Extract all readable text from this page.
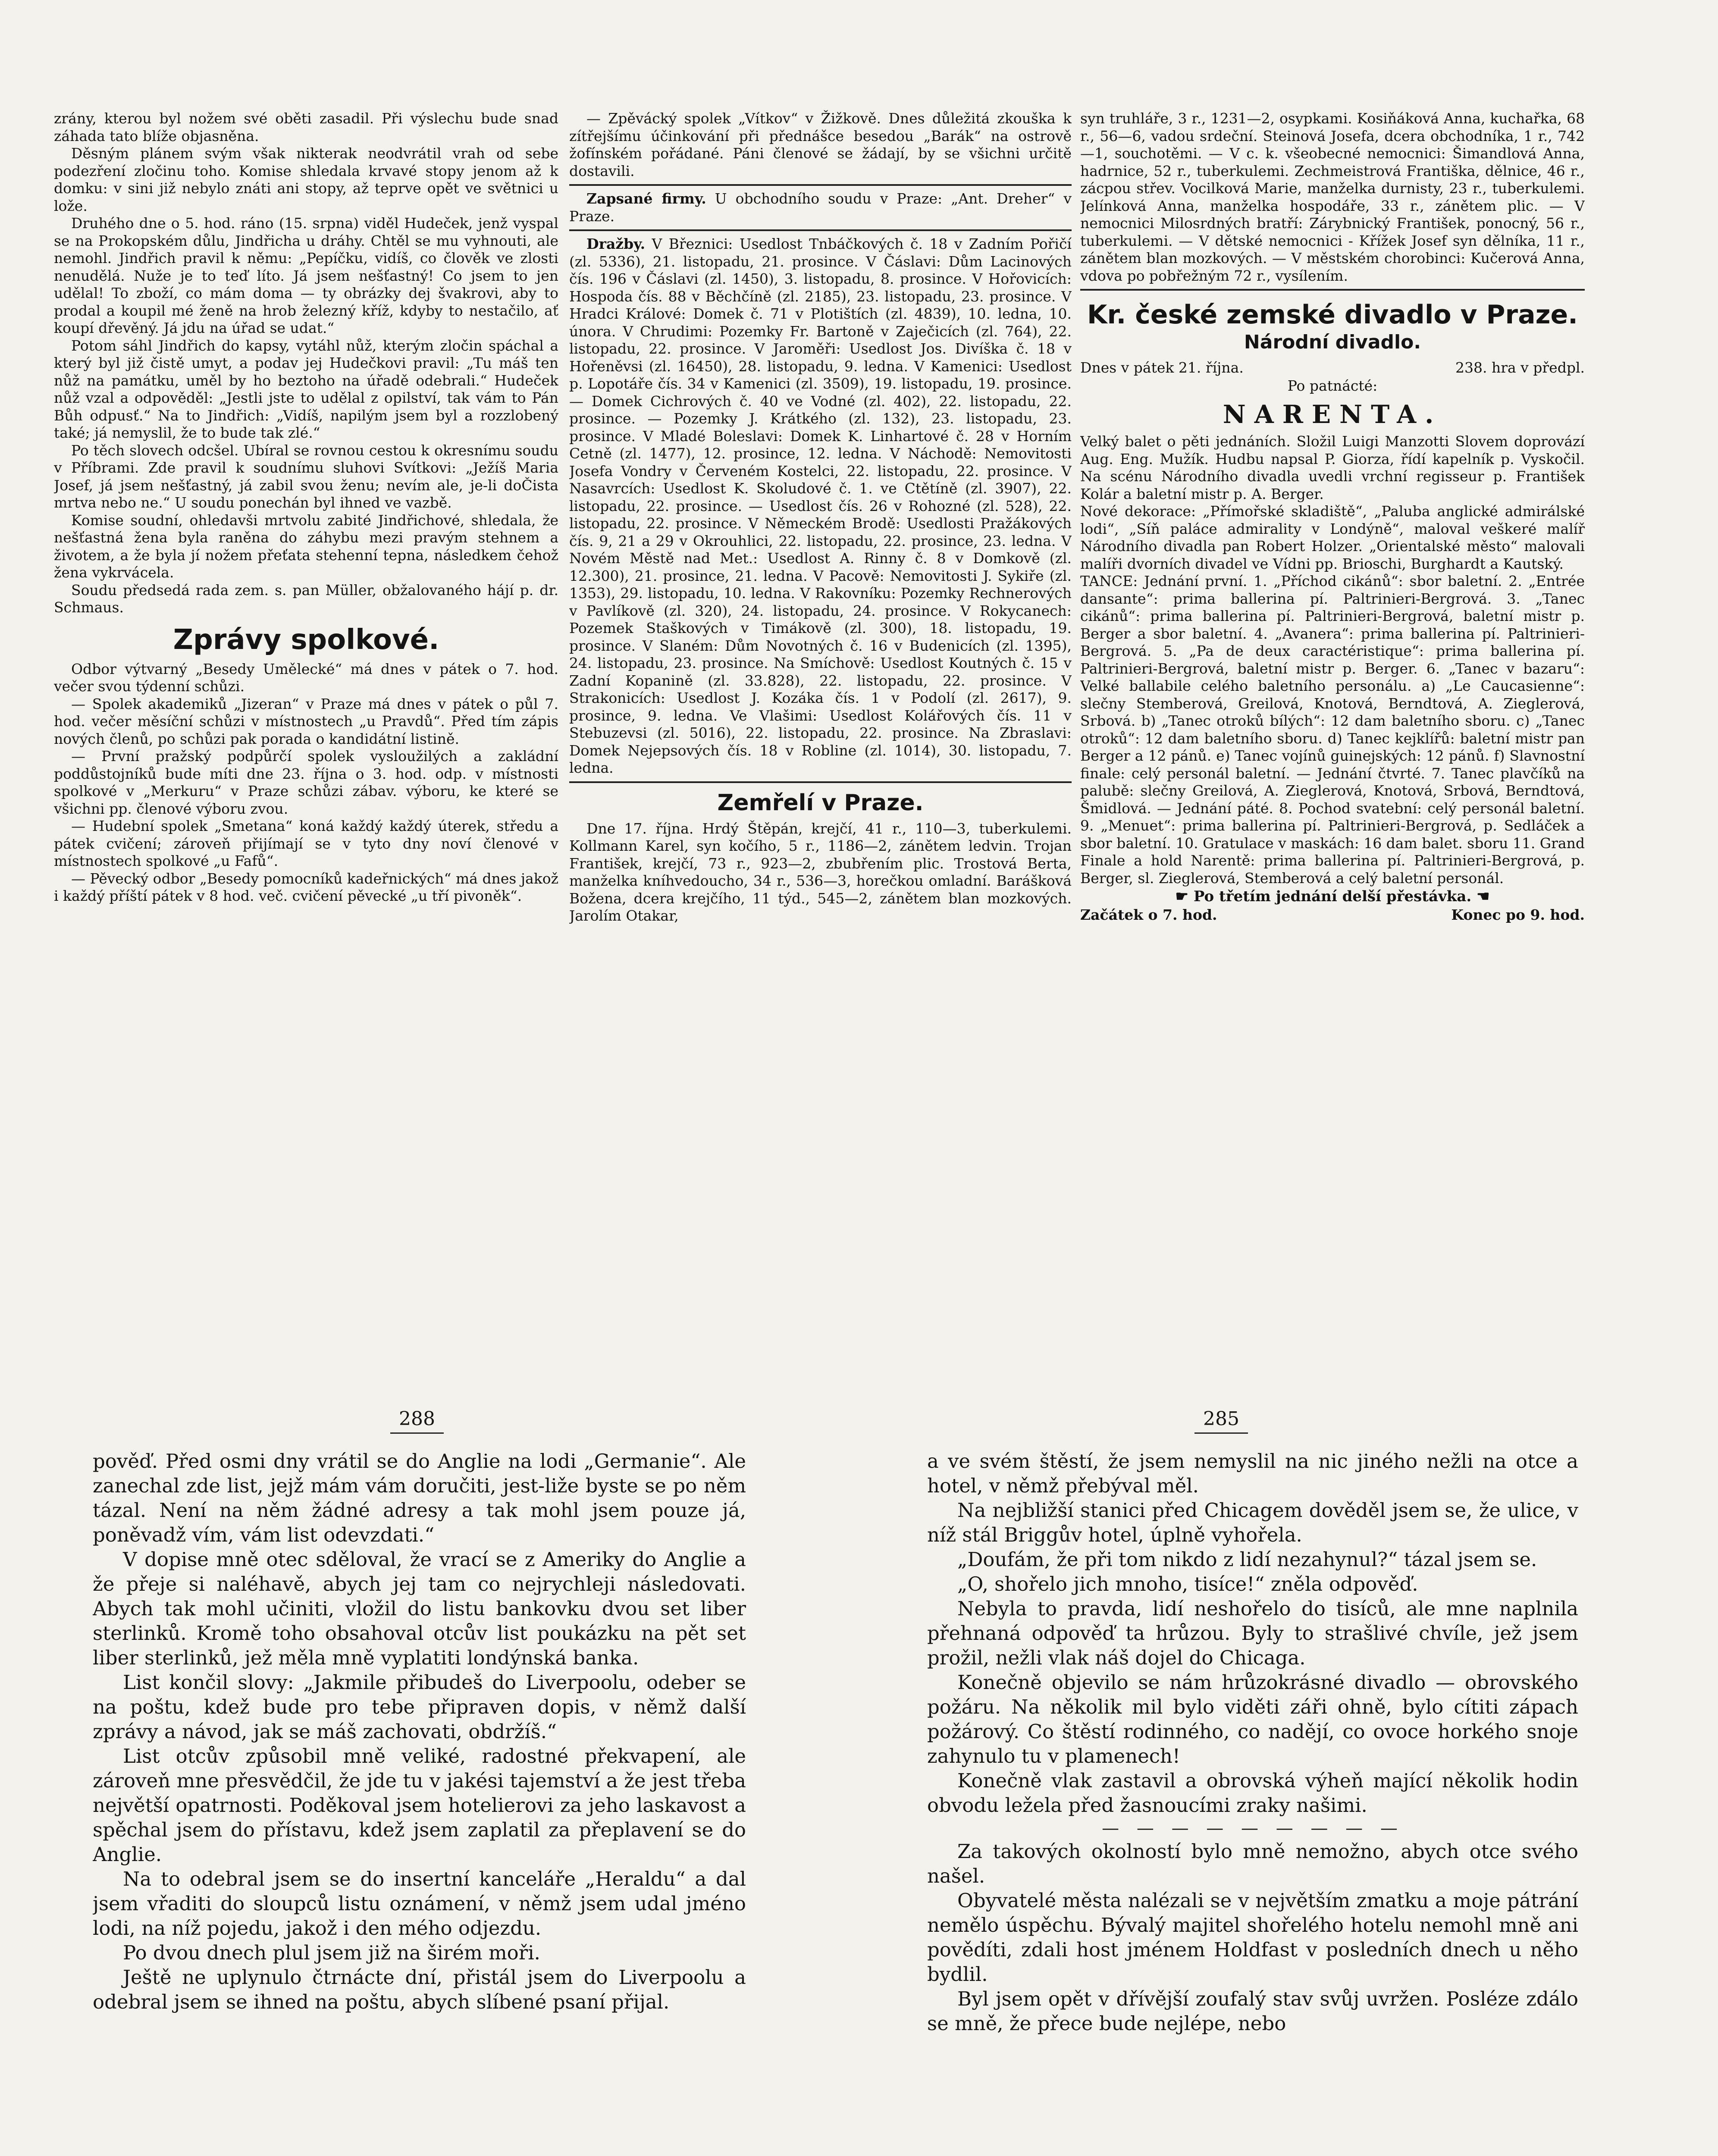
zrány, kterou byl nožem své oběti zasadil. Při výslechu bude snad záhada tato blíže objasněna.

Děsným plánem svým však nikterak neodvrátil vrah od sebe podezření zločinu toho. Komise shledala krvavé stopy jenom až k domku: v sini již nebylo znáti ani stopy, až teprve opět ve světnici u lože.

Druhého dne o 5. hod. ráno (15. srpna) viděl Hudeček, jenž vyspal se na Prokopském důlu, Jindřicha u dráhy. Chtěl se mu vyhnouti, ale nemohl. Jindřich pravil k němu: „Pepíčku, vidíš, co člověk ve zlosti nenudělá. Nuže je to teď líto. Já jsem nešťastný! Co jsem to jen udělal! To zboží, co mám doma — ty obrázky dej švakrovi, aby to prodal a koupil mé ženě na hrob železný kříž, kdyby to nestačilo, ať koupí dřevěný. Já jdu na úřad se udat.“

Potom sáhl Jindřich do kapsy, vytáhl nůž, kterým zločin spáchal a který byl již čistě umyt, a podav jej Hudečkovi pravil: „Tu máš ten nůž na památku, uměl by ho beztoho na úřadě odebrali.“ Hudeček nůž vzal a odpověděl: „Jestli jste to udělal z opilství, tak vám to Pán Bůh odpusť.“ Na to Jindřich: „Vidíš, napilým jsem byl a rozzlobený také; já nemyslil, že to bude tak zlé.“

Po těch slovech odcšel. Ubíral se rovnou cestou k okresnímu soudu v Příbrami. Zde pravil k soudnímu sluhovi Svítkovi: „Ježíš Maria Josef, já jsem nešťastný, já zabil svou ženu; nevím ale, je-li doČista mrtva nebo ne.“ U soudu ponechán byl ihned ve vazbě.

Komise soudní, ohledavši mrtvolu zabité Jindřichové, shledala, že nešťastná žena byla raněna do záhybu mezi pravým stehnem a životem, a že byla jí nožem přeťata stehenní tepna, následkem čehož žena vykrvácela.

Soudu předsedá rada zem. s. pan Müller, obžalovaného hájí p. dr. Schmaus.

Zprávy spolkové.

Odbor výtvarný „Besedy Umělecké“ má dnes v pátek o 7. hod. večer svou týdenní schůzi.

— Spolek akademiků „Jizeran“ v Praze má dnes v pátek o půl 7. hod. večer měsíční schůzi v místnostech „u Pravdů“. Před tím zápis nových členů, po schůzi pak porada o kandidátní listině.

— První pražský podpůrčí spolek vysloužilých a zakládní poddůstojníků bude míti dne 23. října o 3. hod. odp. v místnosti spolkové v „Merkuru“ v Praze schůzi zábav. výboru, ke které se všichni pp. členové výboru zvou.

— Hudební spolek „Smetana“ koná každý každý úterek, středu a pátek cvičení; zároveň přijímají se v tyto dny noví členové v místnostech spolkové „u Fafů“.

— Pěvecký odbor „Besedy pomocníků kadeřnických“ má dnes jakož i každý příští pátek v 8 hod. več. cvičení pěvecké „u tří pivoněk“.

— Zpěvácký spolek „Vítkov“ v Žižkově. Dnes důležitá zkouška k zítřejšímu účinkování při přednášce besedou „Barák“ na ostrově žofínském pořádané. Páni členové se žádají, by se všichni určitě dostavili.

Zapsané firmy. U obchodního soudu v Praze: „Ant. Dreher“ v Praze.

Dražby. V Březnici: Usedlost Tnbáčkových č. 18 v Zadním Pořičí (zl. 5336), 21. listopadu, 21. prosince. V Čáslavi: Dům Lacinových čís. 196 v Čáslavi (zl. 1450), 3. listopadu, 8. prosince. V Hořovicích: Hospoda čís. 88 v Běchčíně (zl. 2185), 23. listopadu, 23. prosince. V Hradci Králové: Domek č. 71 v Plotištích (zl. 4839), 10. ledna, 10. února. V Chrudimi: Pozemky Fr. Bartoně v Zaječicích (zl. 764), 22. listopadu, 22. prosince. V Jaroměři: Usedlost Jos. Divíška č. 18 v Hořeněvsi (zl. 16450), 28. listopadu, 9. ledna. V Kamenici: Usedlost p. Lopotáře čís. 34 v Kamenici (zl. 3509), 19. listopadu, 19. prosince. — Domek Cichrových č. 40 ve Vodné (zl. 402), 22. listopadu, 22. prosince. — Pozemky J. Krátkého (zl. 132), 23. listopadu, 23. prosince. V Mladé Boleslavi: Domek K. Linhartové č. 28 v Horním Cetně (zl. 1477), 12. prosince, 12. ledna. V Náchodě: Nemovitosti Josefa Vondry v Červeném Kostelci, 22. listopadu, 22. prosince. V Nasavrcích: Usedlost K. Skoludové č. 1. ve Ctětíně (zl. 3907), 22. listopadu, 22. prosince. — Usedlost čís. 26 v Rohozné (zl. 528), 22. listopadu, 22. prosince. V Německém Brodě: Usedlosti Pražákových čís. 9, 21 a 29 v Okrouhlici, 22. listopadu, 22. prosince, 23. ledna. V Novém Městě nad Met.: Usedlost A. Rinny č. 8 v Domkově (zl. 12.300), 21. prosince, 21. ledna. V Pacově: Nemovitosti J. Sykiře (zl. 1353), 29. listopadu, 10. ledna. V Rakovníku: Pozemky Rechnerových v Pavlíkově (zl. 320), 24. listopadu, 24. prosince. V Rokycanech: Pozemek Staškových v Timákově (zl. 300), 18. listopadu, 19. prosince. V Slaném: Dům Novotných č. 16 v Budenicích (zl. 1395), 24. listopadu, 23. prosince. Na Smíchově: Usedlost Koutných č. 15 v Zadní Kopanině (zl. 33.828), 22. listopadu, 22. prosince. V Strakonicích: Usedlost J. Kozáka čís. 1 v Podolí (zl. 2617), 9. prosince, 9. ledna. Ve Vlašimi: Usedlost Kolářových čís. 11 v Stebuzevsi (zl. 5016), 22. listopadu, 22. prosince. Na Zbraslavi: Domek Nejepsových čís. 18 v Robline (zl. 1014), 30. listopadu, 7. ledna.

Zemřelí v Praze.

Dne 17. října. Hrdý Štěpán, krejčí, 41 r., 110—3, tuberkulemi. Kollmann Karel, syn kočího, 5 r., 1186—2, zánětem ledvin. Trojan František, krejčí, 73 r., 923—2, zbubřením plic. Trostová Berta, manželka kníhvedoucho, 34 r., 536—3, horečkou omladní. Barášková Božena, dcera krejčího, 11 týd., 545—2, zánětem blan mozkových. Jarolím Otakar,

syn truhláře, 3 r., 1231—2, osypkami. Kosiňáková Anna, kuchařka, 68 r., 56—6, vadou srdeční. Steinová Josefa, dcera obchodníka, 1 r., 742—1, souchotěmi. — V c. k. všeobecné nemocnici: Šimandlová Anna, hadrnice, 52 r., tuberkulemi. Zechmeistrová Františka, dělnice, 46 r., zácpou střev. Vocilková Marie, manželka durnisty, 23 r., tuberkulemi. Jelínková Anna, manželka hospodáře, 33 r., zánětem plic. — V nemocnici Milosrdných bratří: Zárybnický František, ponocný, 56 r., tuberkulemi. — V dětské nemocnici - Křížek Josef syn dělníka, 11 r., zánětem blan mozkových. — V městském chorobinci: Kučerová Anna, vdova po pobřežným 72 r., vysílením.

Kr. české zemské divadlo v Praze.
Národní divadlo.
Dnes v pátek 21. října.	238. hra v předpl.
Po patnácté:
NARENTA.

Velký balet o pěti jednáních. Složil Luigi Manzotti Slovem doprovází Aug. Eng. Mužík. Hudbu napsal P. Giorza, řídí kapelník p. Vyskočil. Na scénu Národního divadla uvedli vrchní regisseur p. František Kolár a baletní mistr p. A. Berger.

Nové dekorace: „Přímořské skladiště“, „Paluba anglické admirálské lodi“, „Síň paláce admirality v Londýně“, maloval veškeré malíř Národního divadla pan Robert Holzer. „Orientalské město“ malovali malíři dvorních divadel ve Vídni pp. Brioschi, Burghardt a Kautský.

TANCE: Jednání první. 1. „Příchod cikánů“: sbor baletní. 2. „Entrée dansante“: prima ballerina pí. Paltrinieri-Bergrová. 3. „Tanec cikánů“: prima ballerina pí. Paltrinieri-Bergrová, baletní mistr p. Berger a sbor baletní. 4. „Avanera“: prima ballerina pí. Paltrinieri-Bergrová. 5. „Pa de deux caractéristique“: prima ballerina pí. Paltrinieri-Bergrová, baletní mistr p. Berger. 6. „Tanec v bazaru“: Velké ballabile celého baletního personálu. a) „Le Caucasienne“: slečny Stemberová, Greilová, Knotová, Berndtová, A. Zieglerová, Srbová. b) „Tanec otroků bílých“: 12 dam baletního sboru. c) „Tanec otroků“: 12 dam baletního sboru. d) Tanec kejklířů: baletní mistr pan Berger a 12 pánů. e) Tanec vojínů guinejských: 12 pánů. f) Slavnostní finale: celý personál baletní. — Jednání čtvrté. 7. Tanec plavčíků na palubě: slečny Greilová, A. Zieglerová, Knotová, Srbová, Berndtová, Šmidlová. — Jednání páté. 8. Pochod svatební: celý personál baletní. 9. „Menuet“: prima ballerina pí. Paltrinieri-Bergrová, p. Sedláček a sbor baletní. 10. Gratulace v maskách: 16 dam balet. sboru 11. Grand Finale a hold Narentě: prima ballerina pí. Paltrinieri-Bergrová, p. Berger, sl. Zieglerová, Stemberová a celý baletní personál.

☛ Po třetím jednání delší přestávka. ☚
Začátek o 7. hod.	Konec po 9. hod.
288	285

pověď. Před osmi dny vrátil se do Anglie na lodi „Germanie“. Ale zanechal zde list, jejž mám vám doručiti, jest-liže byste se po něm tázal. Není na něm žádné adresy a tak mohl jsem pouze já, poněvadž vím, vám list odevzdati.“

V dopise mně otec sděloval, že vrací se z Ameriky do Anglie a že přeje si naléhavě, abych jej tam co nejrychleji následovati. Abych tak mohl učiniti, vložil do listu bankovku dvou set liber sterlinků. Kromě toho obsahoval otcův list poukázku na pět set liber sterlinků, jež měla mně vyplatiti londýnská banka.

List končil slovy: „Jakmile přibudeš do Liverpoolu, odeber se na poštu, kdež bude pro tebe připraven dopis, v němž další zprávy a návod, jak se máš zachovati, obdržíš.“

List otcův způsobil mně veliké, radostné překvapení, ale zároveň mne přesvědčil, že jde tu v jakési tajemství a že jest třeba největší opatrnosti. Poděkoval jsem hotelierovi za jeho laskavost a spěchal jsem do přístavu, kdež jsem zaplatil za přeplavení se do Anglie.

Na to odebral jsem se do insertní kanceláře „Heraldu“ a dal jsem vřaditi do sloupců listu oznámení, v němž jsem udal jméno lodi, na níž pojedu, jakož i den mého odjezdu.

Po dvou dnech plul jsem již na širém moři.

Ještě ne uplynulo čtrnácte dní, přistál jsem do Liverpoolu a odebral jsem se ihned na poštu, abych slíbené psaní přijal.

a ve svém štěstí, že jsem nemyslil na nic jiného nežli na otce a hotel, v němž přebýval měl.

Na nejbližší stanici před Chicagem dověděl jsem se, že ulice, v níž stál Briggův hotel, úplně vyhořela.

„Doufám, že při tom nikdo z lidí nezahynul?“ tázal jsem se.

„O, shořelo jich mnoho, tisíce!“ zněla odpověď.

Nebyla to pravda, lidí neshořelo do tisíců, ale mne naplnila přehnaná odpověď ta hrůzou. Byly to strašlivé chvíle, jež jsem prožil, nežli vlak náš dojel do Chicaga.

Konečně objevilo se nám hrůzokrásné divadlo — obrovského požáru. Na několik mil bylo viděti záři ohně, bylo cítiti zápach požárový. Co štěstí rodinného, co nadějí, co ovoce horkého snoje zahynulo tu v plamenech!

Konečně vlak zastavil a obrovská výheň mající několik hodin obvodu ležela před žasnoucími zraky našimi.

— — — — — — — — —

Za takových okolností bylo mně nemožno, abych otce svého našel.

Obyvatelé města nalézali se v největším zmatku a moje pátrání nemělo úspěchu. Bývalý majitel shořelého hotelu nemohl mně ani povědíti, zdali host jménem Holdfast v posledních dnech u něho bydlil.

Byl jsem opět v dřívější zoufalý stav svůj uvržen. Posléze zdálo se mně, že přece bude nejlépe, nebo
